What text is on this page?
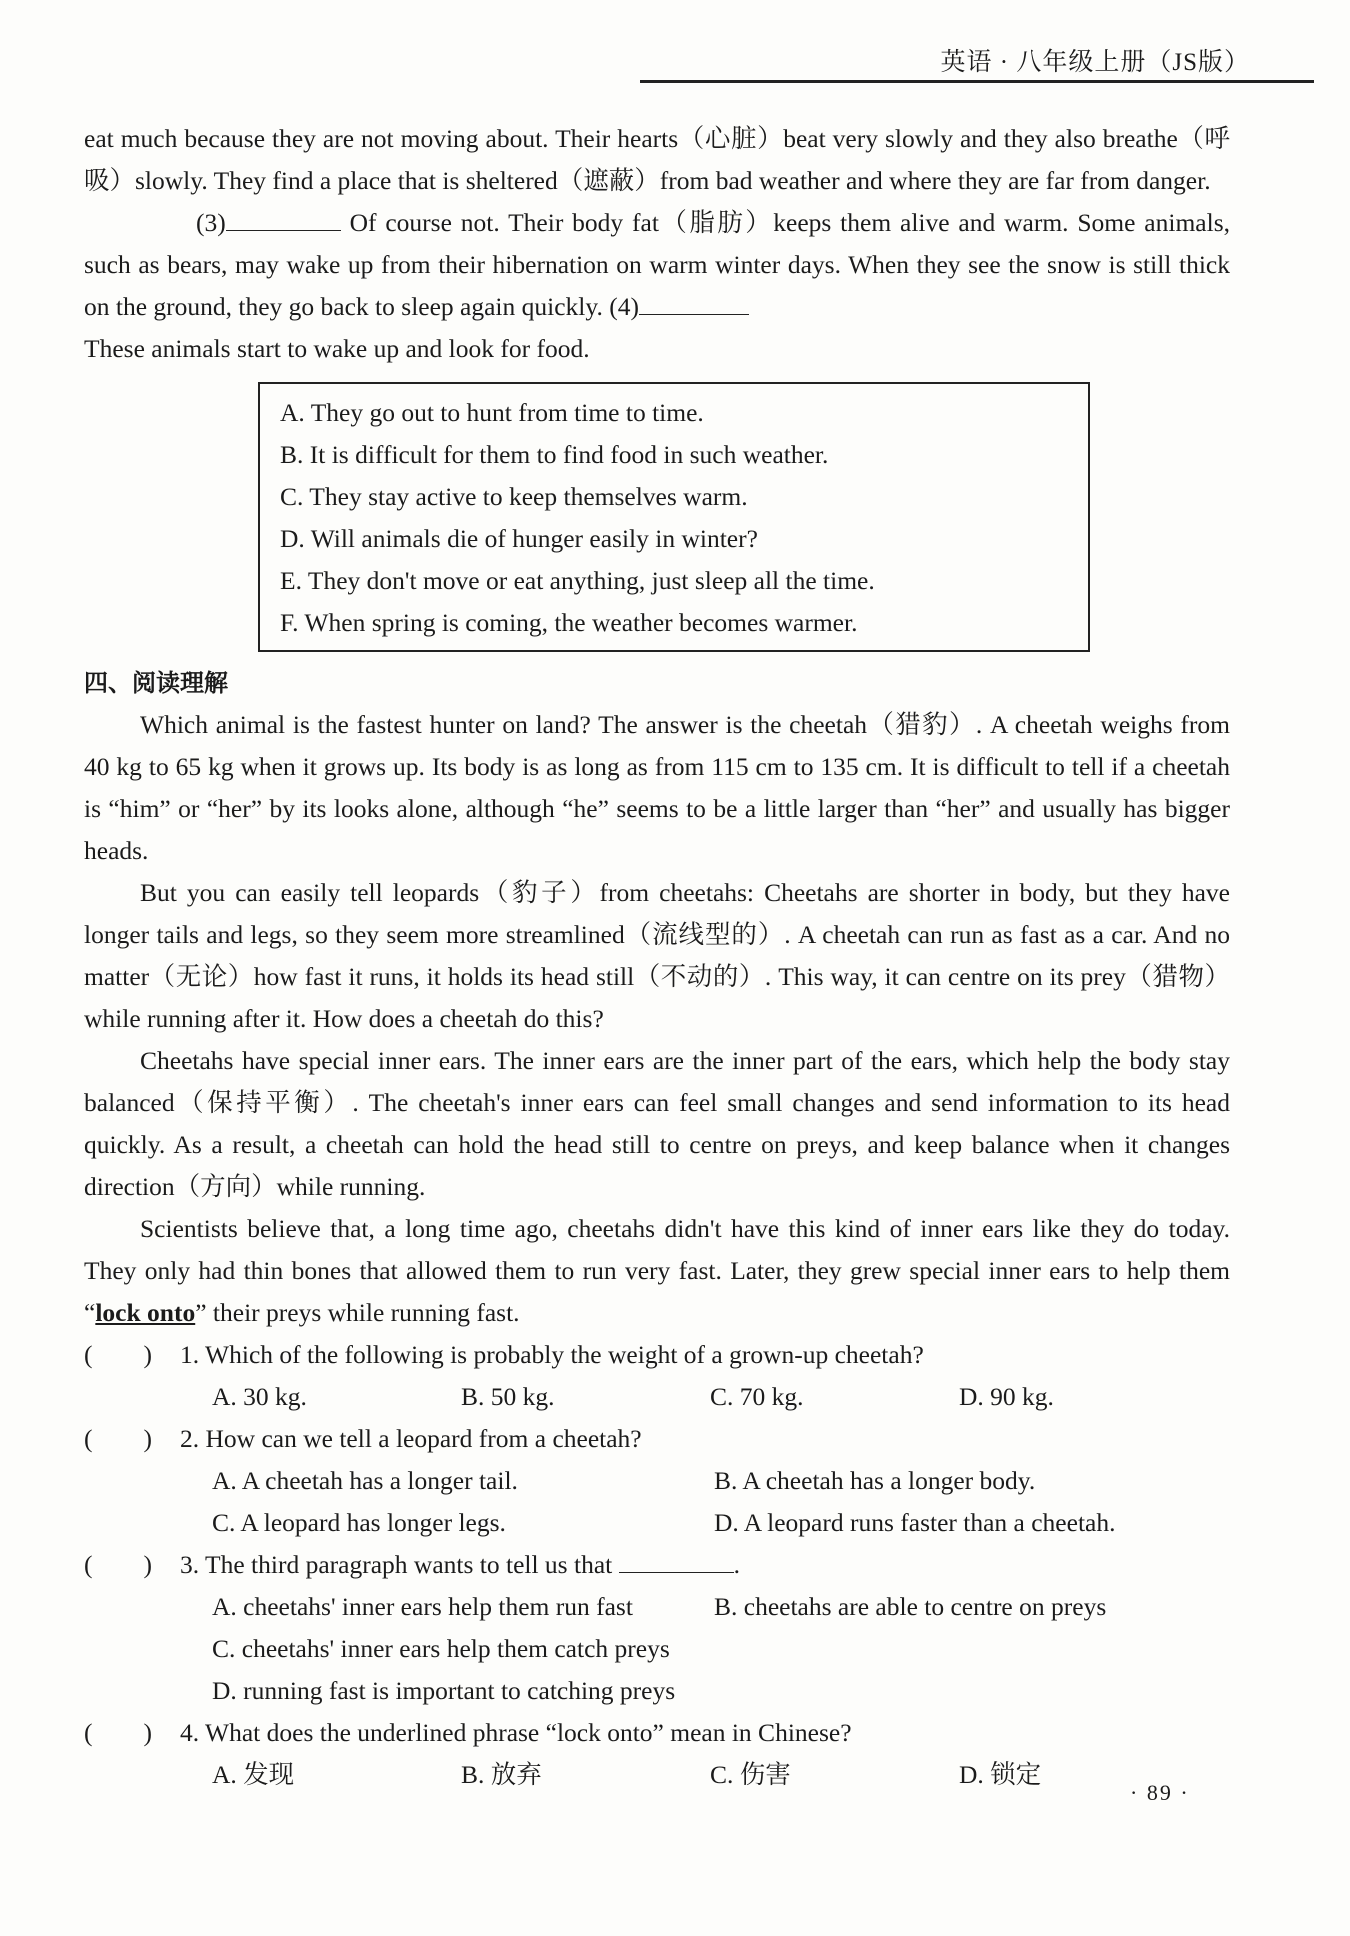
英语 · 八年级上册（JS版）

eat much because they are not moving about. Their hearts（心脏）beat very slowly and they also breathe（呼吸）slowly. They find a place that is sheltered（遮蔽）from bad weather and where they are far from danger.

(3)	Of course not. Their body fat（脂肪）keeps them alive and warm. Some animals, such as bears, may wake up from their hibernation on warm winter days. When they see the snow is still thick on the ground, they go back to sleep again quickly. (4)

These animals start to wake up and look for food.

A. They go out to hunt from time to time.
B. It is difficult for them to find food in such weather.
C. They stay active to keep themselves warm.
D. Will animals die of hunger easily in winter?
E. They don't move or eat anything, just sleep all the time.
F. When spring is coming, the weather becomes warmer.
四、阅读理解

Which animal is the fastest hunter on land? The answer is the cheetah（猎豹）. A cheetah weighs from 40 kg to 65 kg when it grows up. Its body is as long as from 115 cm to 135 cm. It is difficult to tell if a cheetah is “him” or “her” by its looks alone, although “he” seems to be a little larger than “her” and usually has bigger heads.

But you can easily tell leopards（豹子）from cheetahs: Cheetahs are shorter in body, but they have longer tails and legs, so they seem more streamlined（流线型的）. A cheetah can run as fast as a car. And no matter（无论）how fast it runs, it holds its head still（不动的）. This way, it can centre on its prey（猎物）while running after it. How does a cheetah do this?

Cheetahs have special inner ears. The inner ears are the inner part of the ears, which help the body stay balanced（保持平衡）. The cheetah's inner ears can feel small changes and send information to its head quickly. As a result, a cheetah can hold the head still to centre on preys, and keep balance when it changes direction（方向）while running.

Scientists believe that, a long time ago, cheetahs didn't have this kind of inner ears like they do today. They only had thin bones that allowed them to run very fast. Later, they grew special inner ears to help them “lock onto” their preys while running fast.

(　　) 1. Which of the following is probably the weight of a grown-up cheetah?
A. 30 kg.	B. 50 kg.	C. 70 kg.	D. 90 kg.
(　　) 2. How can we tell a leopard from a cheetah?
A. A cheetah has a longer tail.	B. A cheetah has a longer body.
C. A leopard has longer legs.	D. A leopard runs faster than a cheetah.
(　　) 3. The third paragraph wants to tell us that	.
A. cheetahs' inner ears help them run fast	B. cheetahs are able to centre on preys
C. cheetahs' inner ears help them catch preys
D. running fast is important to catching preys
(　　) 4. What does the underlined phrase “lock onto” mean in Chinese?
A. 发现	B. 放弃	C. 伤害	D. 锁定
· 89 ·
